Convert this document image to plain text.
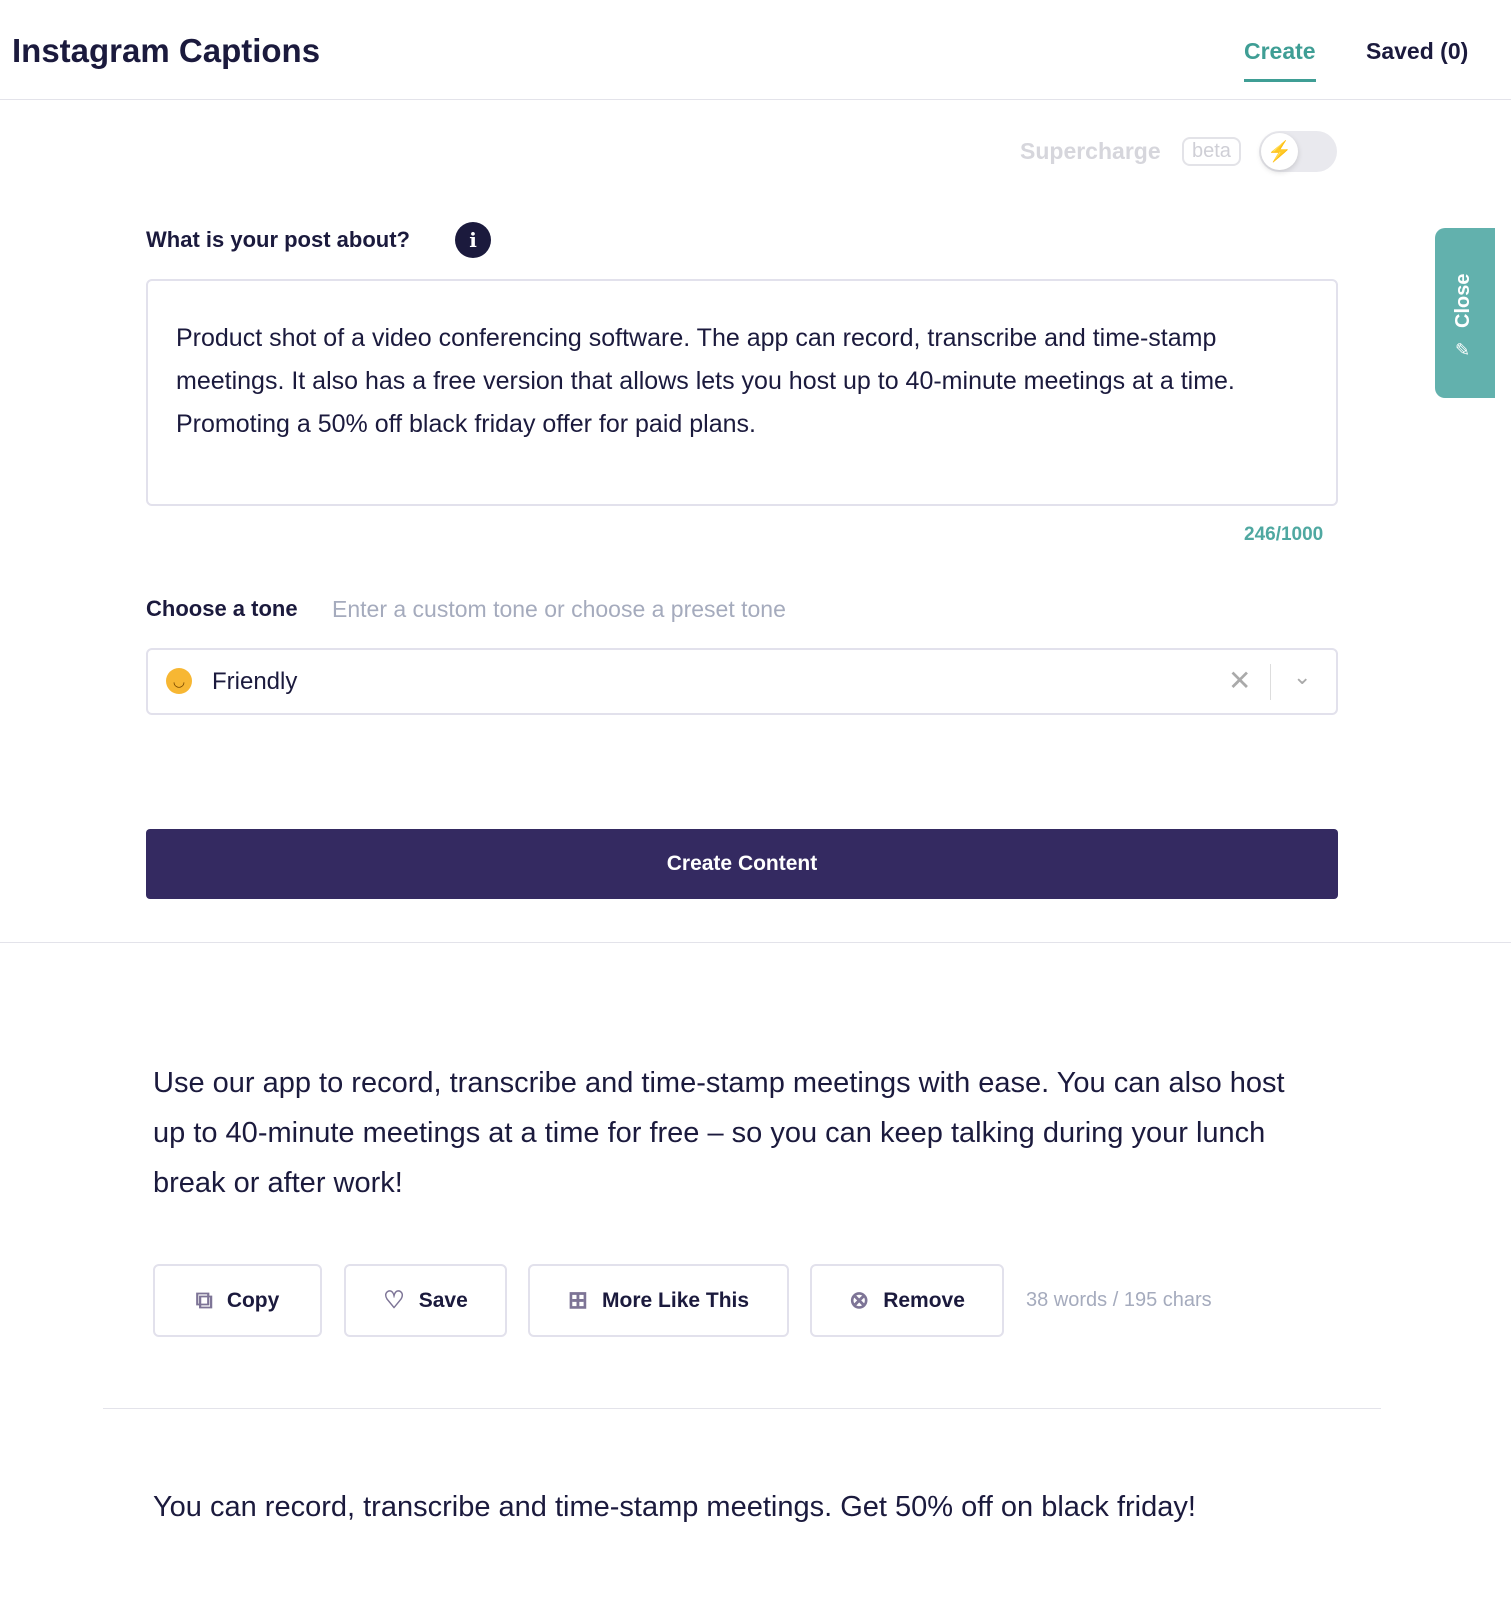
Instagram Captions	Create Saved (0)
Supercharge	beta	⚡
Close
✎
What is your post about?	i
Product shot of a video conferencing software. The app can record, transcribe and time-stamp meetings. It also has a free version that allows lets you host up to 40-minute meetings at a time. Promoting a 50% off black friday offer for paid plans.
246/1000
Choose a tone Enter a custom tone or choose a preset tone
◡ Friendly	✕ ⌄
Create Content
Use our app to record, transcribe and time-stamp meetings with ease. You can also host up to 40-minute meetings at a time for free – so you can keep talking during your lunch break or after work!
⧉ Copy	♡ Save	⊞ More Like This	⊗ Remove	38 words / 195 chars
You can record, transcribe and time-stamp meetings. Get 50% off on black friday!
